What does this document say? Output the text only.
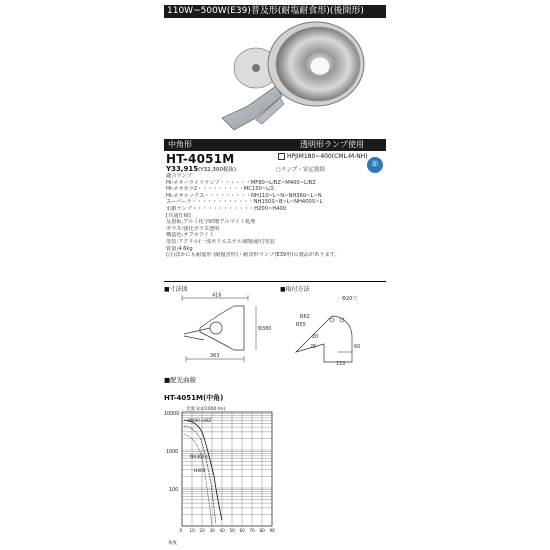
110W~500W(E39)普及形(耐塩耐食形)(後開形)
中角形	透明形ランプ使用
HT-4051M	HPJIM180~400(CML-M-NH)
Y33,915(Y32,300税抜)	○ランプ・安定器別
節
適合ランプ
Hi-ネオハライドランプ・・・・・・MF80~L/BZ~M400~L/BZ
Hi-ネオセラ2・・・・・・・・・MC150~L/2
Hi-ネオルックス・・・・・・・・・NH110~L~N~NH360~L~N
スーパーラ・・・・・・・・・・・・NH150S~B~L~NH400S~L
水銀ランプ・・・・・・・・・・・・H200~H400
[共通仕様]
反射板:アルミ化学研磨アルマイト処理
ガラス:強化ガラス透明
構造色:オフホワイト
塗装:アクリル(一部ポリエステル)樹脂焼付塗装
質量:4.6kg
(注)ほかにも耐塩形 (耐塩害形)・耐食形ランプ(E39形)の製品があります。
■寸法図	■取付方法
416
Φ380
363
Φ20穴
R62
R55
20
25	60
110
■配光曲線
HT-4051M(中角)
光度 (cd/1000 lm)
10000
1000
100
M400-L/BZ
NH360-L
H400
0 10 20 30 40 50 60 70 80 90
角度
